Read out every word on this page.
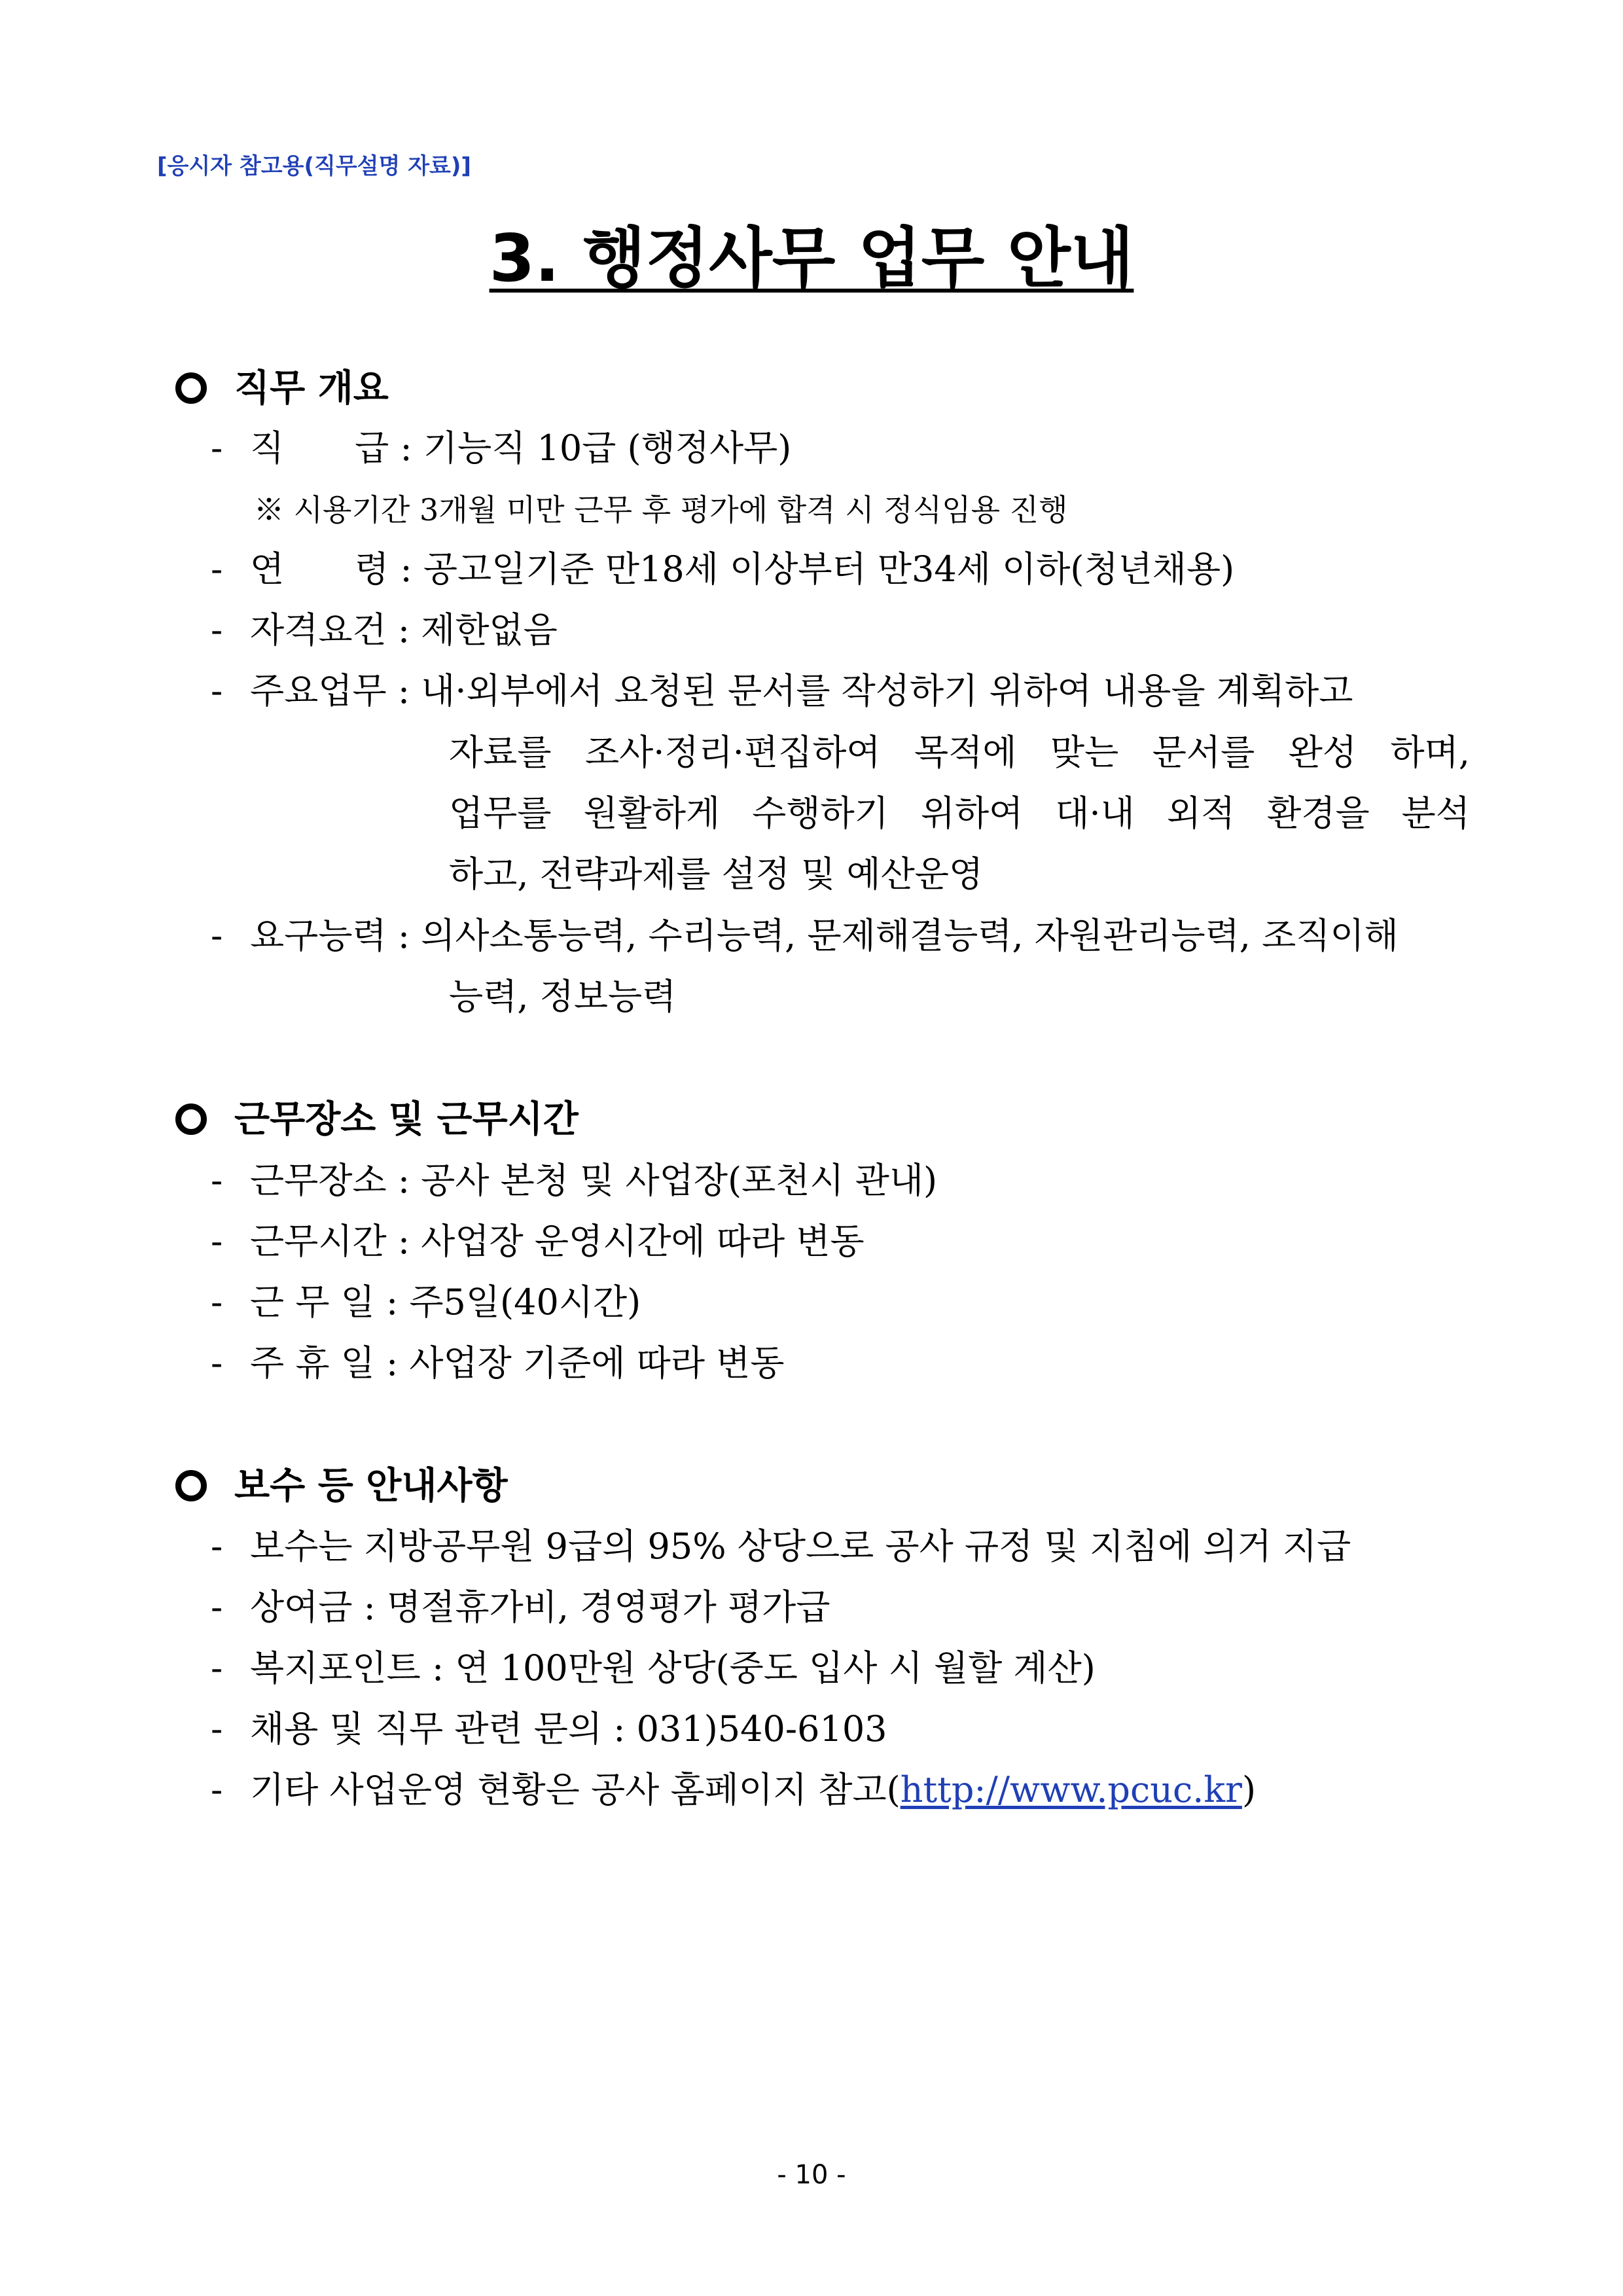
[응시자 참고용(직무설명 자료)]
3. 행정사무 업무 안내
직무 개요
- 직　　급 : 기능직 10급 (행정사무)
※ 시용기간 3개월 미만 근무 후 평가에 합격 시 정식임용 진행
- 연　　령 : 공고일기준 만18세 이상부터 만34세 이하(청년채용)
- 자격요건 : 제한없음
- 주요업무 : 내·외부에서 요청된 문서를 작성하기 위하여 내용을 계획하고
자료를 조사·정리·편집하여 목적에 맞는 문서를 완성 하며,
업무를 원활하게 수행하기 위하여 대·내 외적 환경을 분석
하고, 전략과제를 설정 및 예산운영
- 요구능력 : 의사소통능력, 수리능력, 문제해결능력, 자원관리능력, 조직이해
능력, 정보능력
근무장소 및 근무시간
- 근무장소 : 공사 본청 및 사업장(포천시 관내)
- 근무시간 : 사업장 운영시간에 따라 변동
- 근 무 일 : 주5일(40시간)
- 주 휴 일 : 사업장 기준에 따라 변동
보수 등 안내사항
- 보수는 지방공무원 9급의 95% 상당으로 공사 규정 및 지침에 의거 지급
- 상여금 : 명절휴가비, 경영평가 평가급
- 복지포인트 : 연 100만원 상당(중도 입사 시 월할 계산)
- 채용 및 직무 관련 문의 : 031)540-6103
- 기타 사업운영 현황은 공사 홈페이지 참고(http://www.pcuc.kr)
- 10 -
